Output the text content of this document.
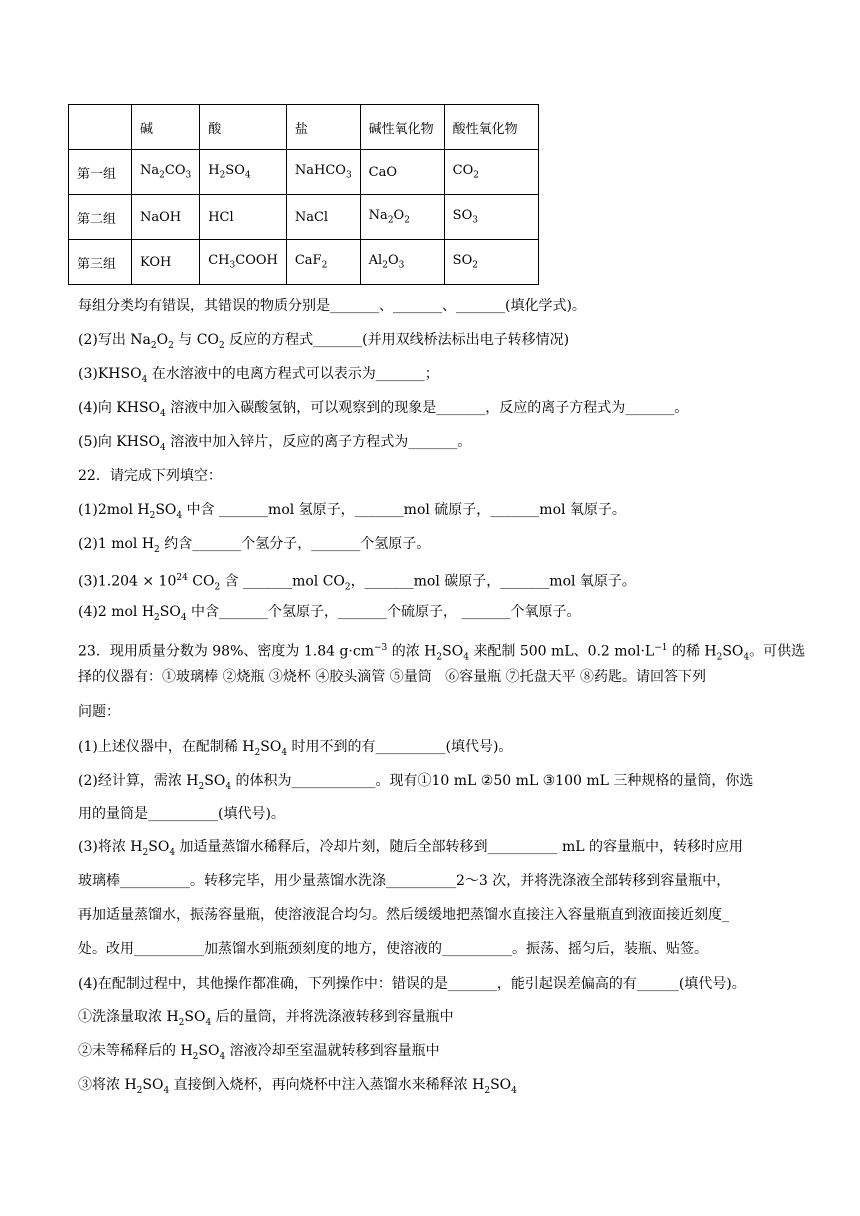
	碱	酸	盐	碱性氧化物	酸性氧化物
第一组	$Na_2CO_3$	$H_2SO_4$	NaHCO$_3$	CaO	$CO_2$
第二组	NaOH	HCl	NaCl	$Na_2O_2$	$SO_3$
第三组	KOH	$CH_3COOH$	CaF$_2$	$Al_2O_3$	$SO_2$
每组分类均有错误，其错误的物质分别是_______、_______、_______(填化学式)。
(2)写出 $Na_2O_2$ 与 $CO_2$ 反应的方程式_______(并用双线桥法标出电子转移情况)
$(3)KHSO_4$ 在水溶液中的电离方程式可以表示为_______；
(4)向 $KHSO_4$ 溶液中加入碳酸氢钠，可以观察到的现象是_______，反应的离子方程式为_______。
(5)向 $KHSO_4$ 溶液中加入锌片，反应的离子方程式为_______。
22．请完成下列填空：
(1)2mol $H_2SO_4$ 中含 _______mol 氢原子，_______mol 硫原子，_______mol 氧原子。
(2)1 mol $H_2$ 约含_______个氢分子，_______个氢原子。
$(3)1.204 \times 10^{24}$ $CO_2$ 含 _______mol $CO_2$，_______mol 碳原子，_______mol 氧原子。
(4)2 mol $H_2SO_4$ 中含_______个氢原子，_______个硫原子， _______个氧原子。
23．现用质量分数为 98%、密度为 1.84 $g\cdot cm^{-3}$ 的浓 $H_2SO_4$ 来配制 500 mL、0.2 $mol\cdot L^{-1}$ 的稀 $H_2SO_4$。可供选
择的仪器有：①玻璃棒 ②烧瓶 ③烧杯 ④胶头滴管 ⑤量筒   ⑥容量瓶 ⑦托盘天平 ⑧药匙。请回答下列
问题：
(1)上述仪器中，在配制稀 $H_2SO_4$ 时用不到的有__________(填代号)。
(2)经计算，需浓 $H_2SO_4$ 的体积为____________。现有①10 mL ②50 mL ③100 mL 三种规格的量筒，你选
用的量筒是__________(填代号)。
(3)将浓 $H_2SO_4$ 加适量蒸馏水稀释后，冷却片刻，随后全部转移到__________ mL 的容量瓶中，转移时应用
玻璃棒__________。转移完毕，用少量蒸馏水洗涤__________2～3 次，并将洗涤液全部转移到容量瓶中，
再加适量蒸馏水，振荡容量瓶，使溶液混合均匀。然后缓缓地把蒸馏水直接注入容量瓶直到液面接近刻度_
处。改用__________加蒸馏水到瓶颈刻度的地方，使溶液的__________。振荡、摇匀后，装瓶、贴签。
(4)在配制过程中，其他操作都准确，下列操作中：错误的是_______，能引起误差偏高的有______(填代号)。
①洗涤量取浓 $H_2SO_4$ 后的量筒，并将洗涤液转移到容量瓶中
②未等稀释后的 $H_2SO_4$ 溶液冷却至室温就转移到容量瓶中
③将浓 $H_2SO_4$ 直接倒入烧杯，再向烧杯中注入蒸馏水来稀释浓 $H_2SO_4$
